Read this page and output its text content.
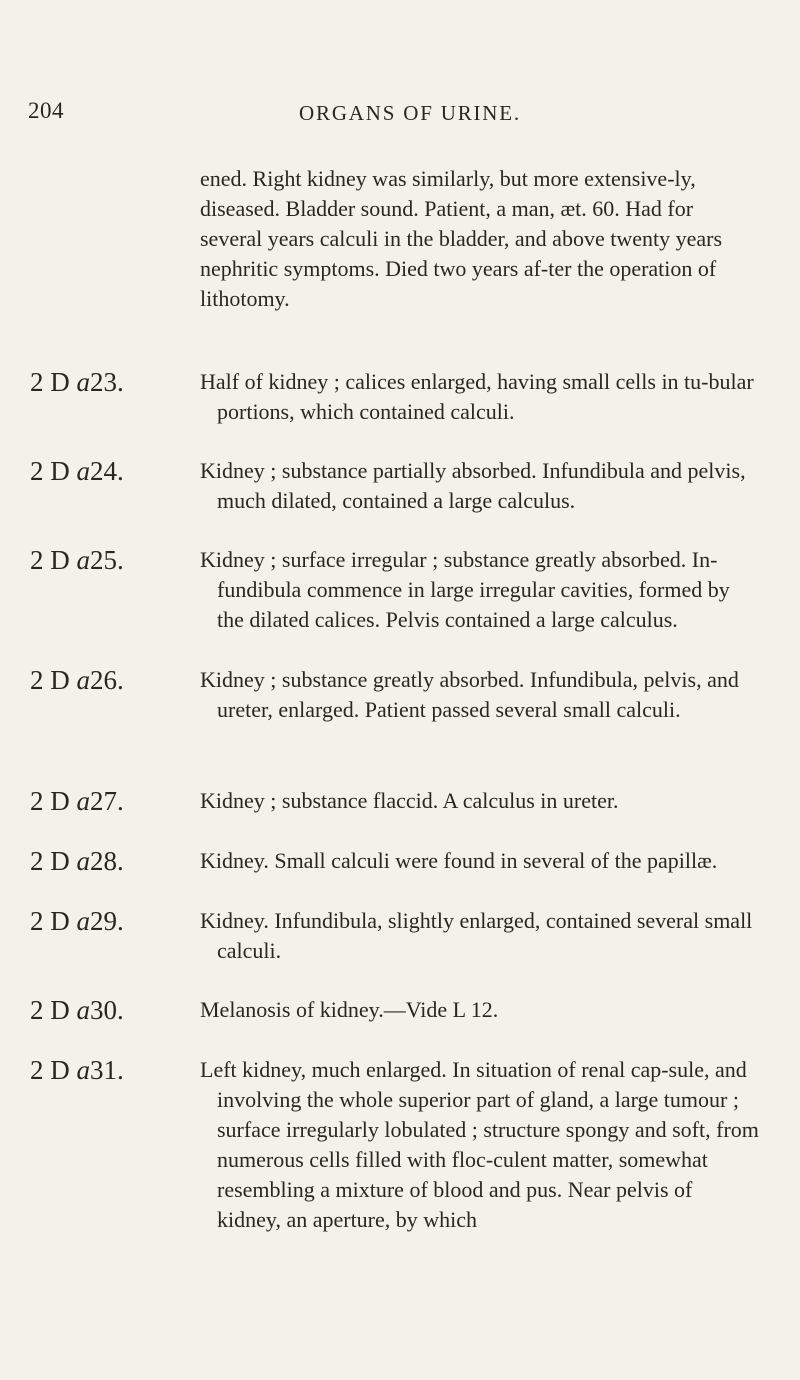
204	ORGANS OF URINE.
ened. Right kidney was similarly, but more extensive-ly, diseased. Bladder sound. Patient, a man, æt. 60. Had for several years calculi in the bladder, and above twenty years nephritic symptoms. Died two years af-ter the operation of lithotomy.
2 D a23.	Half of kidney ; calices enlarged, having small cells in tu-bular portions, which contained calculi.
2 D a24.	Kidney ; substance partially absorbed. Infundibula and pelvis, much dilated, contained a large calculus.
2 D a25.	Kidney ; surface irregular ; substance greatly absorbed. In-fundibula commence in large irregular cavities, formed by the dilated calices. Pelvis contained a large calculus.
2 D a26.	Kidney ; substance greatly absorbed. Infundibula, pelvis, and ureter, enlarged. Patient passed several small calculi.
2 D a27.	Kidney ; substance flaccid. A calculus in ureter.
2 D a28.	Kidney. Small calculi were found in several of the papillæ.
2 D a29.	Kidney. Infundibula, slightly enlarged, contained several small calculi.
2 D a30.	Melanosis of kidney.—Vide L 12.
2 D a31.	Left kidney, much enlarged. In situation of renal cap-sule, and involving the whole superior part of gland, a large tumour ; surface irregularly lobulated ; structure spongy and soft, from numerous cells filled with floc-culent matter, somewhat resembling a mixture of blood and pus. Near pelvis of kidney, an aperture, by which
